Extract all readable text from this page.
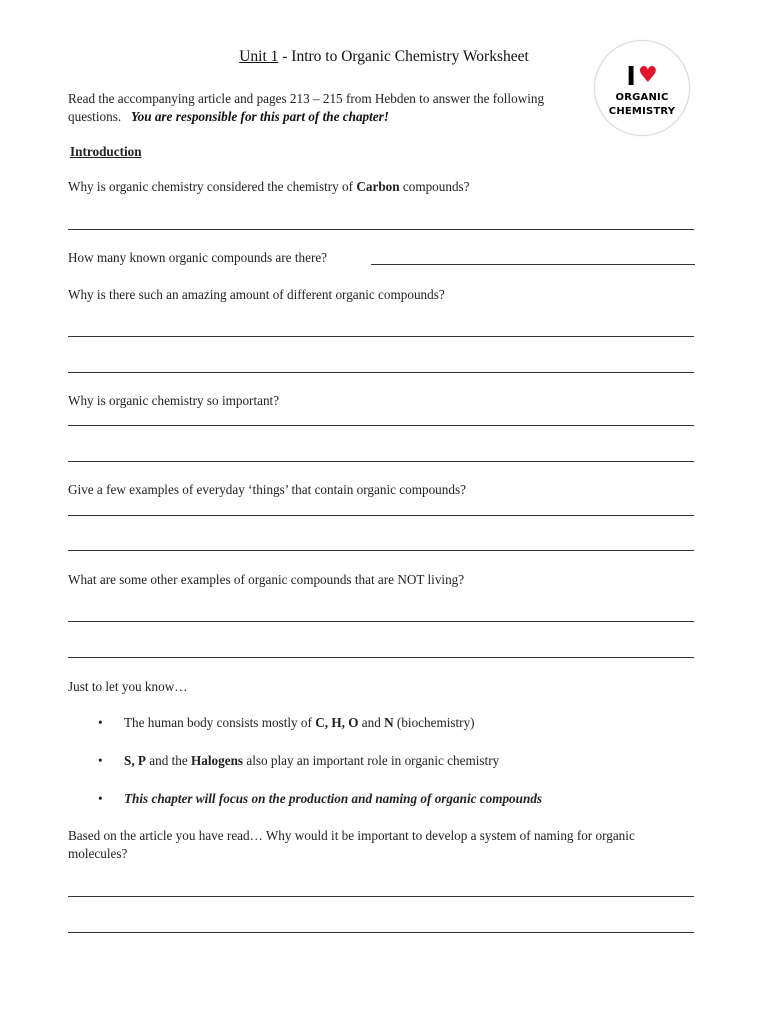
Unit 1 - Intro to Organic Chemistry Worksheet
I♥
ORGANIC
CHEMISTRY
Read the accompanying article and pages 213 – 215 from Hebden to answer the following questions. You are responsible for this part of the chapter!
Introduction
Why is organic chemistry considered the chemistry of Carbon compounds?
How many known organic compounds are there?
Why is there such an amazing amount of different organic compounds?
Why is organic chemistry so important?
Give a few examples of everyday ‘things’ that contain organic compounds?
What are some other examples of organic compounds that are NOT living?
Just to let you know…
• The human body consists mostly of C, H, O and N (biochemistry)
• S, P and the Halogens also play an important role in organic chemistry
• This chapter will focus on the production and naming of organic compounds
Based on the article you have read… Why would it be important to develop a system of naming for organic molecules?
